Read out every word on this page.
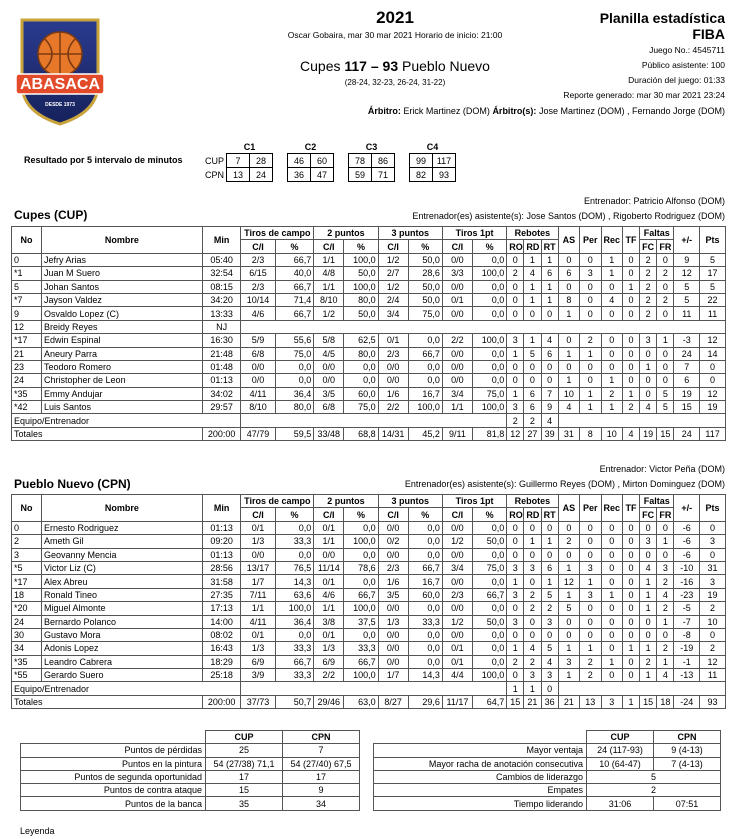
ABASACA
DESDE 1973
2021
Oscar Gobaira, mar 30 mar 2021 Horario de inicio: 21:00
Cupes 117 – 93 Pueblo Nuevo
(28-24, 32-23, 26-24, 31-22)
Planilla estadística
FIBA
Juego No.: 4545711
Público asistente: 100
Duración del juego: 01:33
Reporte generado: mar 30 mar 2021 23:24
Árbitro: Erick Martinez (DOM) Árbitro(s): Jose Martinez (DOM) , Fernando Jorge (DOM)
Resultado por 5 intervalo de minutos
	C1			C2			C3			C4	
CUP	7	28		46	60		78	86		99	117
CPN	13	24		36	47		59	71		82	93
Entrenador: Patricio Alfonso (DOM)
Cupes (CUP)	Entrenador(es) asistente(s): Jose Santos (DOM) , Rigoberto Rodriguez (DOM)
No	Nombre	Min	Tiros de campo		2 puntos		3 puntos		Tiros 1pt		Rebotes			AS	Per	Rec	TF	Faltas		+/-	Pts
			C/I	%	C/I	%	C/I	%	C/I	%	RO	RD	RT					FC	FR		
0	Jefry Arias	05:40	2/3	66,7	1/1	100,0	1/2	50,0	0/0	0,0	0	1	1	0	0	1	0	2	0	9	5
*1	Juan M Suero	32:54	6/15	40,0	4/8	50,0	2/7	28,6	3/3	100,0	2	4	6	6	3	1	0	2	2	12	17
5	Johan Santos	08:15	2/3	66,7	1/1	100,0	1/2	50,0	0/0	0,0	0	1	1	0	0	0	1	2	0	5	5
*7	Jayson Valdez	34:20	10/14	71,4	8/10	80,0	2/4	50,0	0/1	0,0	0	1	1	8	0	4	0	2	2	5	22
9	Osvaldo Lopez (C)	13:33	4/6	66,7	1/2	50,0	3/4	75,0	0/0	0,0	0	0	0	1	0	0	0	2	0	11	11
12	Breidy Reyes	NJ																			
*17	Edwin Espinal	16:30	5/9	55,6	5/8	62,5	0/1	0,0	2/2	100,0	3	1	4	0	2	0	0	3	1	-3	12
21	Aneury Parra	21:48	6/8	75,0	4/5	80,0	2/3	66,7	0/0	0,0	1	5	6	1	1	0	0	0	0	24	14
23	Teodoro Romero	01:48	0/0	0,0	0/0	0,0	0/0	0,0	0/0	0,0	0	0	0	0	0	0	0	1	0	7	0
24	Christopher de Leon	01:13	0/0	0,0	0/0	0,0	0/0	0,0	0/0	0,0	0	0	0	1	0	1	0	0	0	6	0
*35	Emmy Andujar	34:02	4/11	36,4	3/5	60,0	1/6	16,7	3/4	75,0	1	6	7	10	1	2	1	0	5	19	12
*42	Luis Santos	29:57	8/10	80,0	6/8	75,0	2/2	100,0	1/1	100,0	3	6	9	4	1	1	2	4	5	15	19
Equipo/Entrenador											2	2	4								
Totales		200:00	47/79	59,5	33/48	68,8	14/31	45,2	9/11	81,8	12	27	39	31	8	10	4	19	15	24	117
Entrenador: Victor Peña (DOM)
Pueblo Nuevo (CPN)	Entrenador(es) asistente(s): Guillermo Reyes (DOM) , Mirton Dominguez (DOM)
No	Nombre	Min	Tiros de campo		2 puntos		3 puntos		Tiros 1pt		Rebotes			AS	Per	Rec	TF	Faltas		+/-	Pts
			C/I	%	C/I	%	C/I	%	C/I	%	RO	RD	RT					FC	FR		
0	Ernesto Rodriguez	01:13	0/1	0,0	0/1	0,0	0/0	0,0	0/0	0,0	0	0	0	0	0	0	0	0	0	-6	0
2	Ameth Gil	09:20	1/3	33,3	1/1	100,0	0/2	0,0	1/2	50,0	0	1	1	2	0	0	0	3	1	-6	3
3	Geovanny Mencia	01:13	0/0	0,0	0/0	0,0	0/0	0,0	0/0	0,0	0	0	0	0	0	0	0	0	0	-6	0
*5	Victor Liz (C)	28:56	13/17	76,5	11/14	78,6	2/3	66,7	3/4	75,0	3	3	6	1	3	0	0	4	3	-10	31
*17	Alex Abreu	31:58	1/7	14,3	0/1	0,0	1/6	16,7	0/0	0,0	1	0	1	12	1	0	0	1	2	-16	3
18	Ronald Tineo	27:35	7/11	63,6	4/6	66,7	3/5	60,0	2/3	66,7	3	2	5	1	3	1	0	1	4	-23	19
*20	Miguel Almonte	17:13	1/1	100,0	1/1	100,0	0/0	0,0	0/0	0,0	0	2	2	5	0	0	0	1	2	-5	2
24	Bernardo Polanco	14:00	4/11	36,4	3/8	37,5	1/3	33,3	1/2	50,0	3	0	3	0	0	0	0	0	1	-7	10
30	Gustavo Mora	08:02	0/1	0,0	0/1	0,0	0/0	0,0	0/0	0,0	0	0	0	0	0	0	0	0	0	-8	0
34	Adonis Lopez	16:43	1/3	33,3	1/3	33,3	0/0	0,0	0/1	0,0	1	4	5	1	1	0	1	1	2	-19	2
*35	Leandro Cabrera	18:29	6/9	66,7	6/9	66,7	0/0	0,0	0/1	0,0	2	2	4	3	2	1	0	2	1	-1	12
*55	Gerardo Suero	25:18	3/9	33,3	2/2	100,0	1/7	14,3	4/4	100,0	0	3	3	1	2	0	0	1	4	-13	11
Equipo/Entrenador											1	1	0								
Totales		200:00	37/73	50,7	29/46	63,0	8/27	29,6	11/17	64,7	15	21	36	21	13	3	1	15	18	-24	93
	CUP	CPN
Puntos de pérdidas	25	7
Puntos en la pintura	54 (27/38) 71,1	54 (27/40) 67,5
Puntos de segunda oportunidad	17	17
Puntos de contra ataque	15	9
Puntos de la banca	35	34
	CUP	CPN
Mayor ventaja	24 (117-93)	9 (4-13)
Mayor racha de anotación consecutiva	10 (64-47)	7 (4-13)
Cambios de liderazgo	5	
Empates	2	
Tiempo liderando	31:06	07:51
Leyenda
